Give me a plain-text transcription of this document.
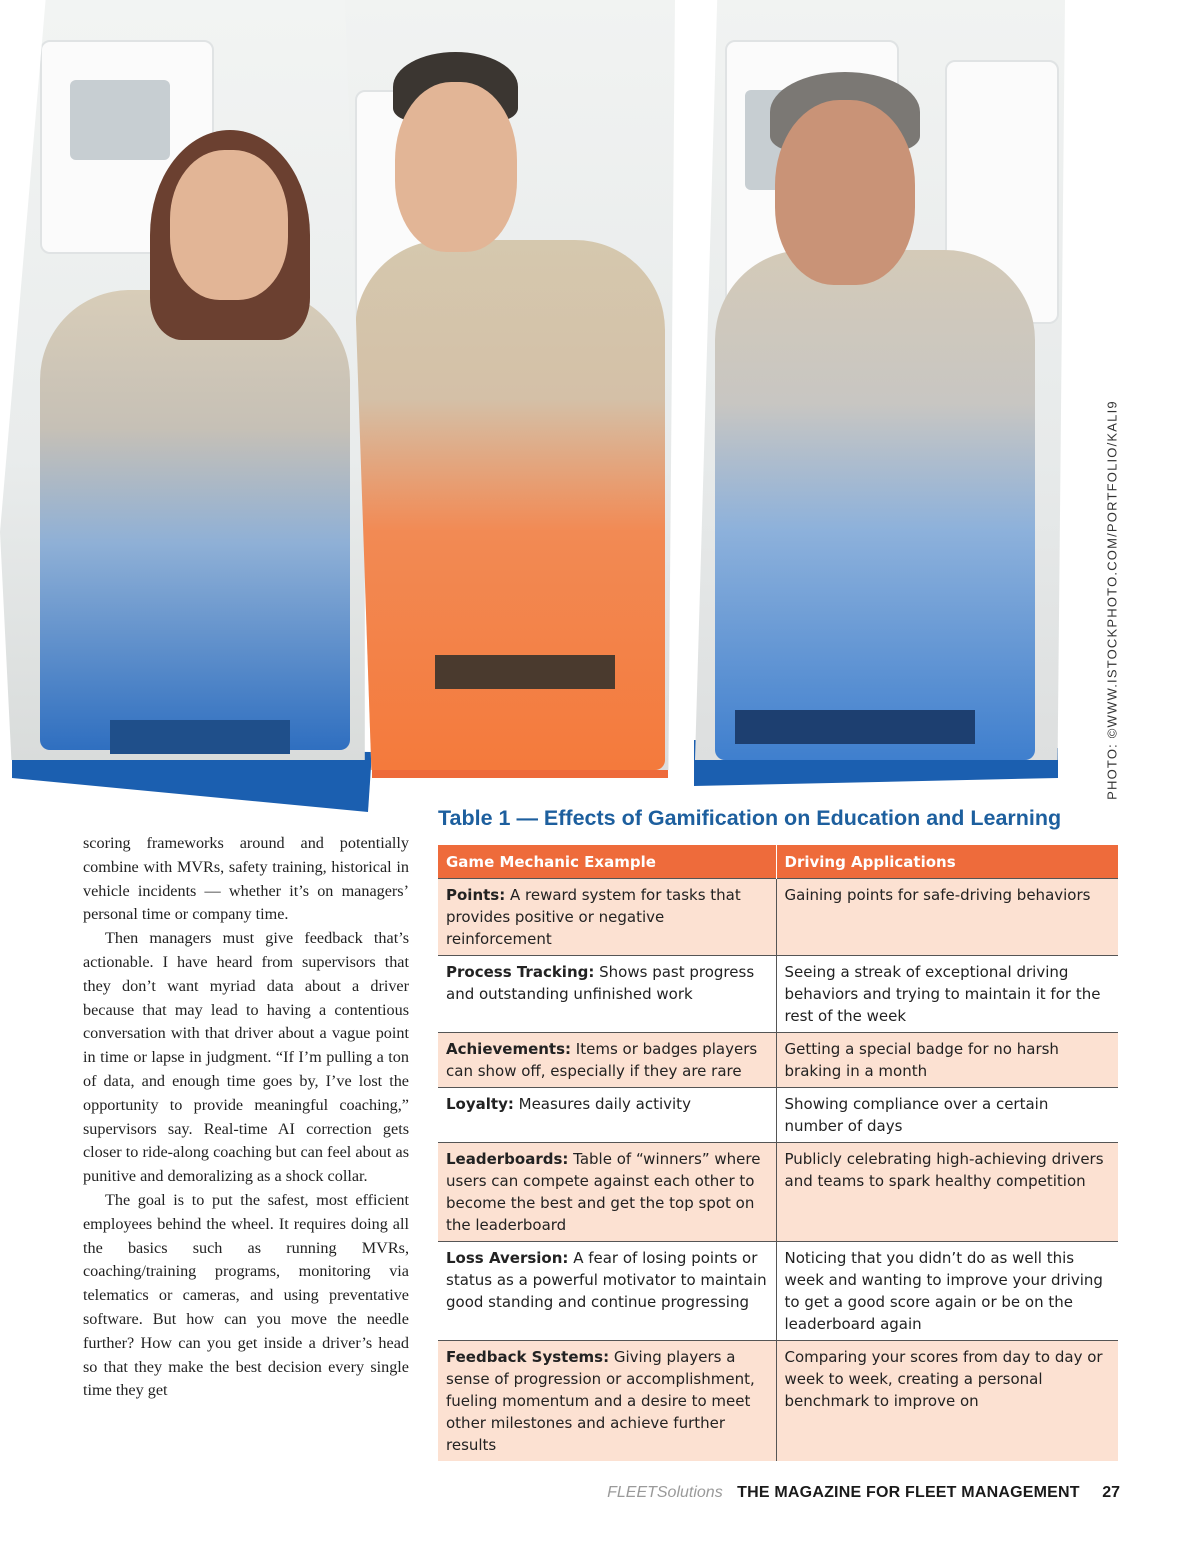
PHOTO: ©WWW.ISTOCKPHOTO.COM/PORTFOLIO/KALI9

scoring frameworks around and potentially combine with MVRs, safety training, historical in vehicle incidents — whether it’s on managers’ personal time or company time.

Then managers must give feedback that’s actionable. I have heard from supervisors that they don’t want myriad data about a driver because that may lead to having a contentious conversation with that driver about a vague point in time or lapse in judgment. “If I’m pulling a ton of data, and enough time goes by, I’ve lost the opportunity to provide meaningful coaching,” supervisors say. Real-time AI correction gets closer to ride-along coaching but can feel about as punitive and demoralizing as a shock collar.

The goal is to put the safest, most efficient employees behind the wheel. It requires doing all the basics such as running MVRs, coaching/training programs, monitoring via telematics or cameras, and using preventative software. But how can you move the needle further? How can you get inside a driver’s head so that they make the best decision every single time they get

Table 1 — Effects of Gamification on Education and Learning
Game Mechanic Example	Driving Applications
Points: A reward system for tasks that provides positive or negative reinforcement	Gaining points for safe-driving behaviors
Process Tracking: Shows past progress and outstanding unfinished work	Seeing a streak of exceptional driving behaviors and trying to maintain it for the rest of the week
Achievements: Items or badges players can show off, especially if they are rare	Getting a special badge for no harsh braking in a month
Loyalty: Measures daily activity	Showing compliance over a certain number of days
Leaderboards: Table of “winners” where users can compete against each other to become the best and get the top spot on the leaderboard	Publicly celebrating high-achieving drivers and teams to spark healthy competition
Loss Aversion: A fear of losing points or status as a powerful motivator to maintain good standing and continue progressing	Noticing that you didn’t do as well this week and wanting to improve your driving to get a good score again or be on the leaderboard again
Feedback Systems: Giving players a sense of progression or accomplishment, fueling momentum and a desire to meet other milestones and achieve further results	Comparing your scores from day to day or week to week, creating a personal benchmark to improve on
FLEETSolutions THE MAGAZINE FOR FLEET MANAGEMENT 27
